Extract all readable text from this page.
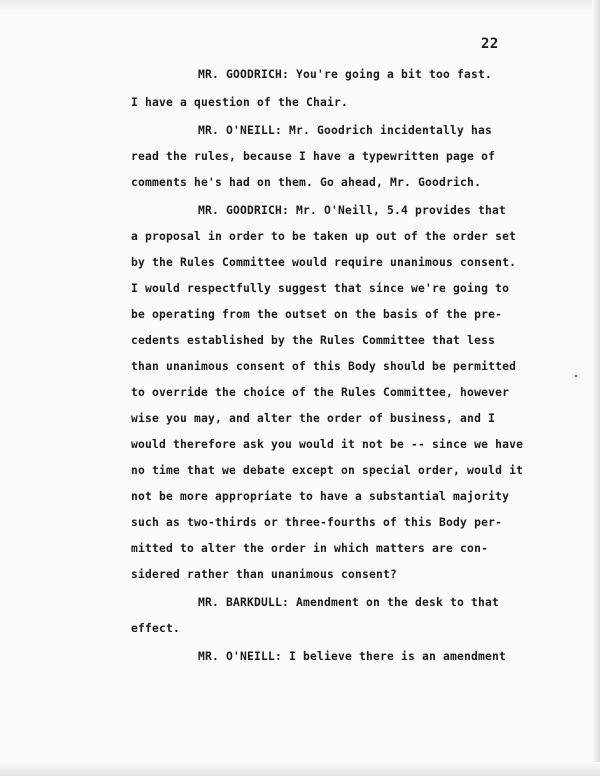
22
MR. GOODRICH: You're going a bit too fast.
I have a question of the Chair.
MR. O'NEILL: Mr. Goodrich incidentally has
read the rules, because I have a typewritten page of
comments he's had on them. Go ahead, Mr. Goodrich.
MR. GOODRICH: Mr. O'Neill, 5.4 provides that
a proposal in order to be taken up out of the order set
by the Rules Committee would require unanimous consent.
I would respectfully suggest that since we're going to
be operating from the outset on the basis of the pre-
cedents established by the Rules Committee that less
than unanimous consent of this Body should be permitted
to override the choice of the Rules Committee, however
wise you may, and alter the order of business, and I
would therefore ask you would it not be -- since we have
no time that we debate except on special order, would it
not be more appropriate to have a substantial majority
such as two-thirds or three-fourths of this Body per-
mitted to alter the order in which matters are con-
sidered rather than unanimous consent?
MR. BARKDULL: Amendment on the desk to that
effect.
MR. O'NEILL: I believe there is an amendment
